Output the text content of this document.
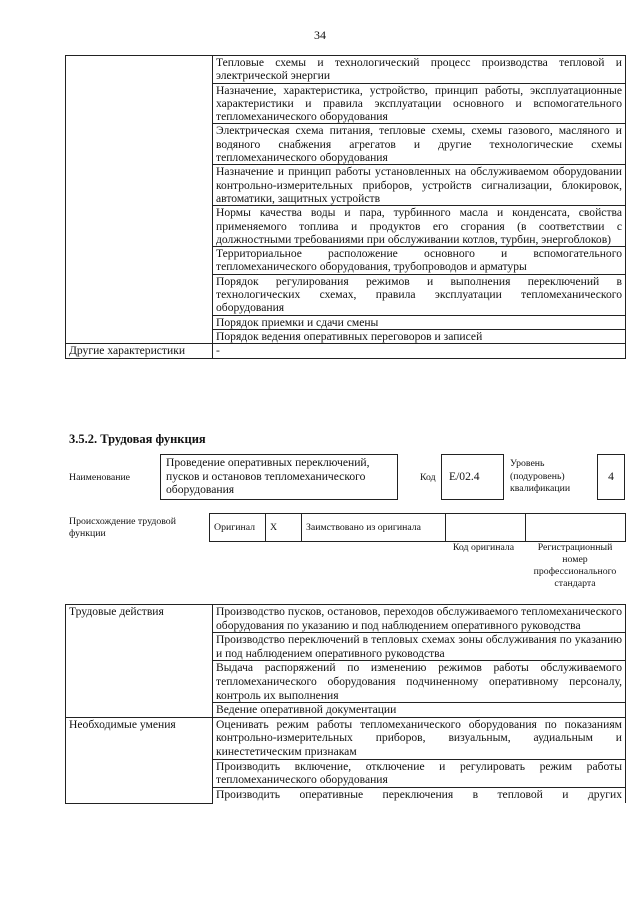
34
	Тепловые схемы и технологический процесс производства тепловой и электрической энергии
	Назначение, характеристика, устройство, принцип работы, эксплуатационные характеристики и правила эксплуатации основного и вспомогательного тепломеханического оборудования
	Электрическая схема питания, тепловые схемы, схемы газового, масляного и водяного снабжения агрегатов и другие технологические схемы тепломеханического оборудования
	Назначение и принцип работы установленных на обслуживаемом оборудовании контрольно-измерительных приборов, устройств сигнализации, блокировок, автоматики, защитных устройств
	Нормы качества воды и пара, турбинного масла и конденсата, свойства применяемого топлива и продуктов его сгорания (в соответствии с должностными требованиями при обслуживании котлов, турбин, энергоблоков)
	Территориальное расположение основного и вспомогательного тепломеханического оборудования, трубопроводов и арматуры
	Порядок регулирования режимов и выполнения переключений в технологических схемах, правила эксплуатации тепломеханического оборудования
	Порядок приемки и сдачи смены
	Порядок ведения оперативных переговоров и записей
Другие характеристики	-
3.5.2. Трудовая функция
Наименование
Проведение оперативных переключений, пусков и остановов тепломеханического оборудования
Код	E/02.4
Уровень (подуровень) квалификации
4
Происхождение трудовой функции
Оригинал	X	Заимствовано из оригинала		
Код оригинала	Регистрационный номер профессионального стандарта
Трудовые действия	Производство пусков, остановов, переходов обслуживаемого тепломеханического оборудования по указанию и под наблюдением оперативного руководства
	Производство переключений в тепловых схемах зоны обслуживания по указанию и под наблюдением оперативного руководства
	Выдача распоряжений по изменению режимов работы обслуживаемого тепломеханического оборудования подчиненному оперативному персоналу, контроль их выполнения
	Ведение оперативной документации
Необходимые умения	Оценивать режим работы тепломеханического оборудования по показаниям контрольно-измерительных приборов, визуальным, аудиальным и кинестетическим признакам
	Производить включение, отключение и регулировать режим работы тепломеханического оборудования
	Производить оперативные переключения в тепловой и других
